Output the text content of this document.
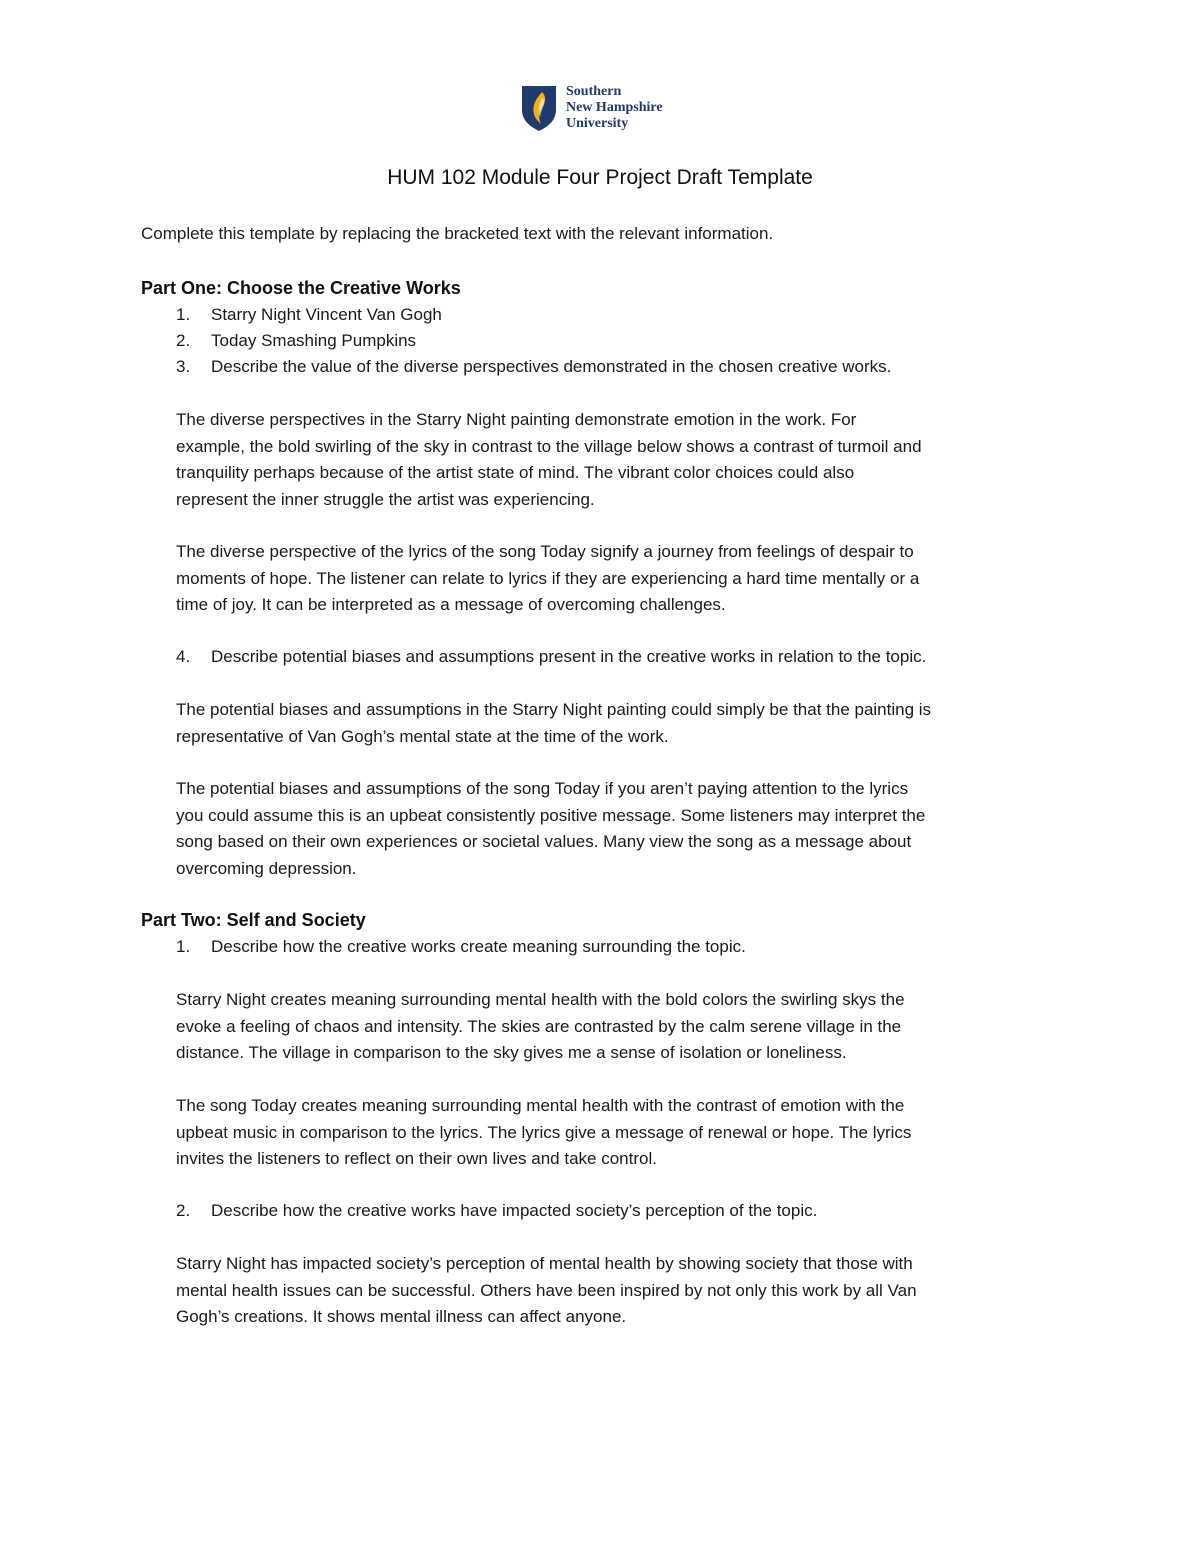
Southern
New Hampshire
University
HUM 102 Module Four Project Draft Template
Complete this template by replacing the bracketed text with the relevant information.
Part One: Choose the Creative Works
1. Starry Night Vincent Van Gogh
2. Today Smashing Pumpkins
3. Describe the value of the diverse perspectives demonstrated in the chosen creative works.
The diverse perspectives in the Starry Night painting demonstrate emotion in the work. For
example, the bold swirling of the sky in contrast to the village below shows a contrast of turmoil and
tranquility perhaps because of the artist state of mind. The vibrant color choices could also
represent the inner struggle the artist was experiencing.
The diverse perspective of the lyrics of the song Today signify a journey from feelings of despair to
moments of hope. The listener can relate to lyrics if they are experiencing a hard time mentally or a
time of joy. It can be interpreted as a message of overcoming challenges.
4. Describe potential biases and assumptions present in the creative works in relation to the topic.
The potential biases and assumptions in the Starry Night painting could simply be that the painting is
representative of Van Gogh’s mental state at the time of the work.
The potential biases and assumptions of the song Today if you aren’t paying attention to the lyrics
you could assume this is an upbeat consistently positive message. Some listeners may interpret the
song based on their own experiences or societal values. Many view the song as a message about
overcoming depression.
Part Two: Self and Society
1. Describe how the creative works create meaning surrounding the topic.
Starry Night creates meaning surrounding mental health with the bold colors the swirling skys the
evoke a feeling of chaos and intensity. The skies are contrasted by the calm serene village in the
distance. The village in comparison to the sky gives me a sense of isolation or loneliness.
The song Today creates meaning surrounding mental health with the contrast of emotion with the
upbeat music in comparison to the lyrics. The lyrics give a message of renewal or hope. The lyrics
invites the listeners to reflect on their own lives and take control.
2. Describe how the creative works have impacted society’s perception of the topic.
Starry Night has impacted society’s perception of mental health by showing society that those with
mental health issues can be successful. Others have been inspired by not only this work by all Van
Gogh’s creations. It shows mental illness can affect anyone.
